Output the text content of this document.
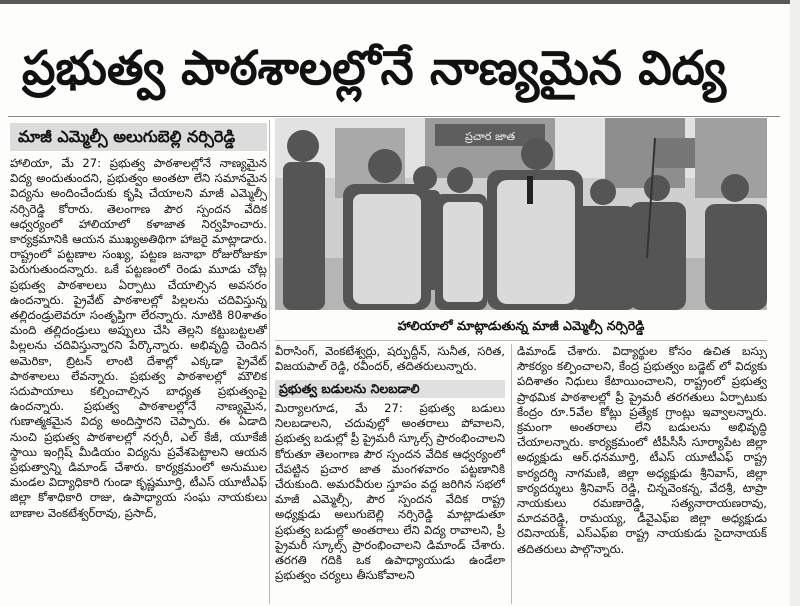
ప్రభుత్వ పాఠశాలల్లోనే నాణ్యమైన విద్య
మాజీ ఎమ్మెల్సీ అలుగుబెల్లి నర్సిరెడ్డి

హాలియా, మే 27: ప్రభుత్వ పాఠశాలల్లోనే నాణ్యమైన విద్య అందుతుందని, ప్రభుత్వం అంతటా లేని సమానమైన విద్యను అందించేందుకు కృషి చేయాలని మాజీ ఎమ్మెల్సీ నర్సిరెడ్డి కోరారు. తెలంగాణ పౌర స్పందన వేదిక ఆధ్వర్యంలో హాలియాలో కళాజాత నిర్వహించారు. కార్యక్రమానికి ఆయన ముఖ్యఅతిథిగా హాజరై మాట్లాడారు. రాష్ట్రంలో పట్టణాల సంఖ్య, పట్టణ జనాభా రోజురోజుకూ పెరుగుతుందన్నారు. ఒకే పట్టణంలో రెండు మూడు చోట్ల ప్రభుత్వ పాఠశాలలు ఏర్పాటు చేయాల్సిన అవసరం ఉందన్నారు. ప్రైవేట్ పాఠశాలల్లో పిల్లలను చదివిస్తున్న తల్లిదండ్రులెవరూ సంతృప్తిగా లేరన్నారు. నూటికి 80శాతం మంది తల్లిదండ్రులు అప్పులు చేసి తెల్లని కట్టుబట్టలతో పిల్లలను చదివిస్తున్నారని పేర్కొన్నారు. అభివృద్ధి చెందిన అమెరికా, బ్రిటన్ లాంటి దేశాల్లో ఎక్కడా ప్రైవేట్ పాఠశాలలు లేవన్నారు. ప్రభుత్వ పాఠశాలల్లో మౌలిక సదుపాయాలు కల్పించాల్సిన బాధ్యత ప్రభుత్వంపై ఉందన్నారు. ప్రభుత్వ పాఠశాలల్లోనే నాణ్యమైన, గుణాత్మకమైన విద్య అందిస్తారని చెప్పారు. ఈ ఏడాది నుంచి ప్రభుత్వ పాఠశాలల్లో నర్సరీ, ఎల్ కేజీ, యూకేజీ స్థాయి ఇంగ్లిష్ మీడియం విద్యను ప్రవేశపెట్టాలని ఆయన ప్రభుత్వాన్ని డిమాండ్ చేశారు. కార్యక్రమంలో అనుముల మండల విద్యాధికారి గుండా కృష్ణమూర్తి, టీఎస్ యూటీఎఫ్ జిల్లా కోశాధికారి రాజు, ఉపాధ్యాయ సంఘ నాయకులు బాణాల వెంకటేశ్వర్‌రావు, ప్రసాద్,

ప్రచార జాత
హాలియాలో మాట్లాడుతున్న మాజీ ఎమ్మెల్సీ నర్సిరెడ్డి

వీరాసింగ్, వెంకటేశ్వర్లు, షర్ఫుద్దీన్, సునీత, సరిత, విజయపాల్ రెడ్డి, రవీందర్, తదితరులున్నారు.

ప్రభుత్వ బడులను నిలబడాలి

మిర్యాలగూడ, మే 27: ప్రభుత్వ బడులు నిలబడాలని, చదువుల్లో అంతరాలు పోవాలని, ప్రభుత్వ బడుల్లో ప్రీ ప్రైమరీ స్కూల్స్ ప్రారంభించాలని కోరుతూ తెలంగాణ పౌర స్పందన వేదిక ఆధ్వర్యంలో చేపట్టిన ప్రచార జాత మంగళవారం పట్టణానికి చేరుకుంది. అమరవీరుల స్తూపం వద్ద జరిగిన సభలో మాజీ ఎమ్మెల్సీ, పౌర స్పందన వేదిక రాష్ట్ర అధ్యక్షుడు అలుగుబెల్లి నర్సిరెడ్డి మాట్లాడుతూ ప్రభుత్వ బడుల్లో అంతరాలు లేని విద్య రావాలని, ప్రీ ప్రైమరీ స్కూల్స్ ప్రారంభించాలని డిమాండ్ చేశారు. తరగతి గదికి ఒక ఉపాధ్యాయుడు ఉండేలా ప్రభుత్వం చర్యలు తీసుకోవాలని

డిమాండ్ చేశారు. విద్యార్థుల కోసం ఉచిత బస్సు సౌకర్యం కల్పించాలని, కేంద్ర ప్రభుత్వం బడ్జెట్ లో విద్యకు పదిశాతం నిధులు కేటాయించాలని, రాష్ట్రంలో ప్రభుత్వ ప్రాథమిక పాఠశాలల్లో ప్రీ ప్రైమరీ తరగతులు ఏర్పాటుకు కేంద్రం రూ.5వేల కోట్లు ప్రత్యేక గ్రాంట్లు ఇవ్వాలన్నారు. క్రమంగా అంతరాలు లేని బడులను అభివృద్ధి చేయాలన్నారు. కార్యక్రమంలో టీపీసీసీ సూర్యాపేట జిల్లా అధ్యక్షుడు ఆర్.ధనమూర్తి, టీఎస్ యూటీఎఫ్ రాష్ట్ర కార్యదర్శి నాగమణి, జిల్లా అధ్యక్షుడు శ్రీనివాస్, జిల్లా కార్యదర్శులు శ్రీనివాస్ రెడ్డి, చిన్నవెంకన్న, వేదశ్రీ, టాప్రా నాయకులు రమణారెడ్డి, సత్యనారాయణరావు, మాదవరెడ్డి, రామయ్య, డీవైఎఫ్ఐ జిల్లా అధ్యక్షుడు రవినాయక్, ఎస్ఎఫ్ఐ రాష్ట్ర నాయకుడు సైదానాయక్ తదితరులు పాల్గొన్నారు.
